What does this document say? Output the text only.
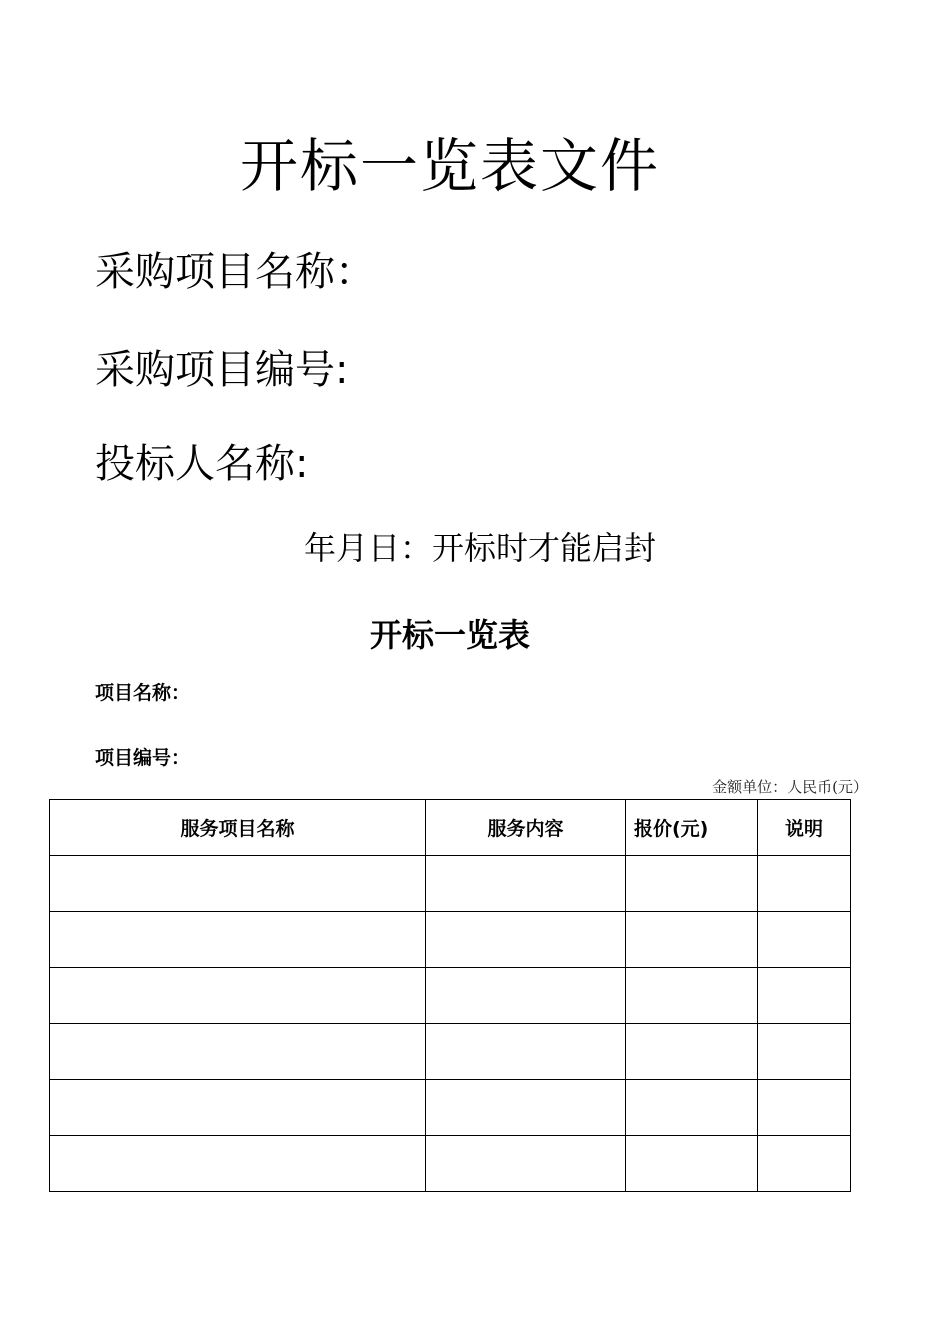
开标一览表文件
采购项目名称：
采购项目编号:
投标人名称:
年月日：开标时才能启封
开标一览表
项目名称：
项目编号：
金额单位：人民币(元）
服务项目名称	服务内容	报价(元)	说明
